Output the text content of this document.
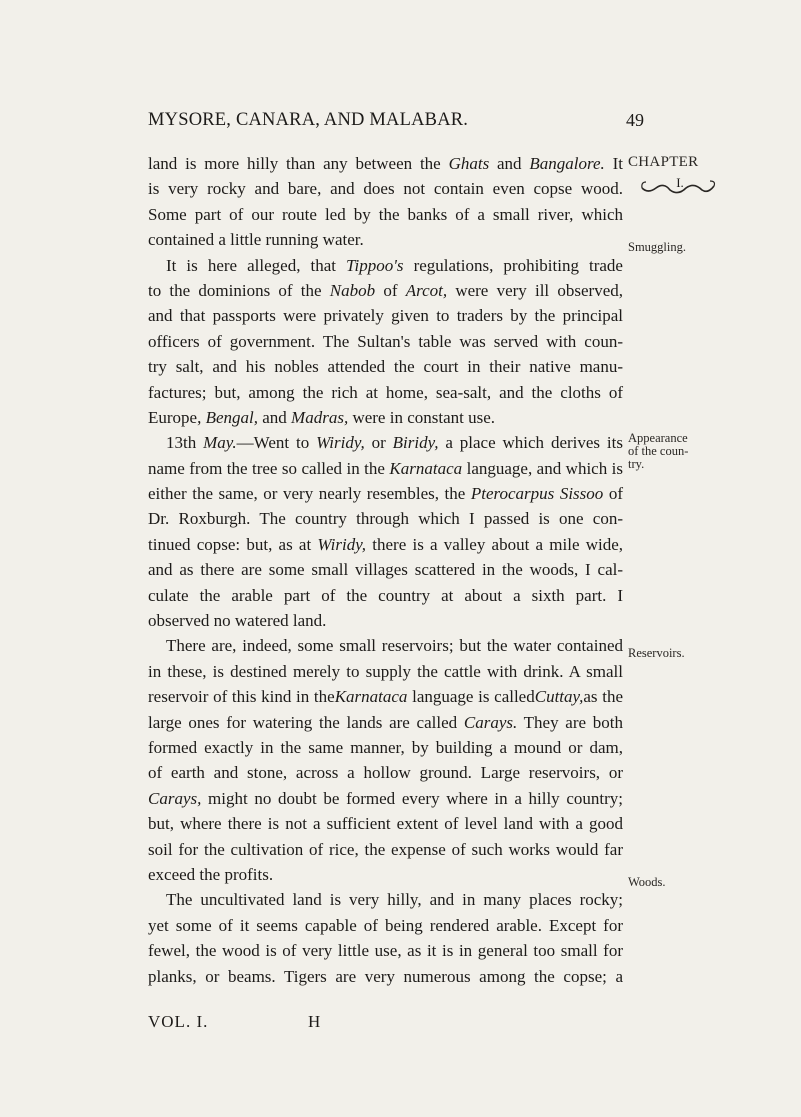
MYSORE, CANARA, AND MALABAR.	49
CHAPTER
I.
Smuggling.
Appearance
of the coun-
try.
Reservoirs.
Woods.
land is more hilly than any between the Ghats and Bangalore. It
is very rocky and bare, and does not contain even copse wood.
Some part of our route led by the banks of a small river, which
contained a little running water.
It is here alleged, that Tippoo's regulations, prohibiting trade
to the dominions of the Nabob of Arcot, were very ill observed,
and that passports were privately given to traders by the principal
officers of government. The Sultan's table was served with coun-
try salt, and his nobles attended the court in their native manu-
factures; but, among the rich at home, sea-salt, and the cloths of
Europe, Bengal, and Madras, were in constant use.
13th May.—Went to Wiridy, or Biridy, a place which derives its
name from the tree so called in the Karnataca language, and which is
either the same, or very nearly resembles, the Pterocarpus Sissoo of
Dr. Roxburgh. The country through which I passed is one con-
tinued copse: but, as at Wiridy, there is a valley about a mile wide,
and as there are some small villages scattered in the woods, I cal-
culate the arable part of the country at about a sixth part. I
observed no watered land.
There are, indeed, some small reservoirs; but the water contained
in these, is destined merely to supply the cattle with drink. A small
reservoir of this kind in theKarnataca language is calledCuttay,as the
large ones for watering the lands are called Carays. They are both
formed exactly in the same manner, by building a mound or dam,
of earth and stone, across a hollow ground. Large reservoirs, or
Carays, might no doubt be formed every where in a hilly country;
but, where there is not a sufficient extent of level land with a good
soil for the cultivation of rice, the expense of such works would far
exceed the profits.
The uncultivated land is very hilly, and in many places rocky;
yet some of it seems capable of being rendered arable. Except for
fewel, the wood is of very little use, as it is in general too small for
planks, or beams. Tigers are very numerous among the copse; a
VOL. I.	H
